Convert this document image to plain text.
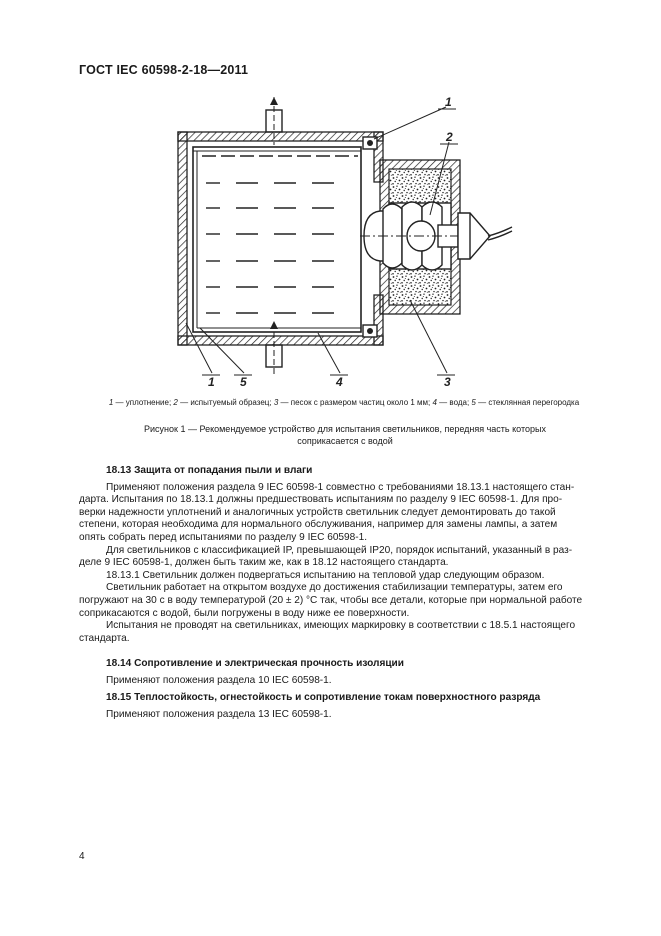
ГОСТ IEC 60598-2-18—2011
1
2
1 5	4	3
1 — уплотнение; 2 — испытуемый образец; 3 — песок с размером частиц около 1 мм; 4 — вода; 5 — стеклянная перегородка
Рисунок 1 — Рекомендуемое устройство для испытания светильников, передняя часть которых
соприкасается с водой
18.13 Защита от попадания пыли и влаги
Применяют положения раздела 9 IEC 60598-1 совместно с требованиями 18.13.1 настоящего стан-
дарта. Испытания по 18.13.1 должны предшествовать испытаниям по разделу 9 IEC 60598-1. Для про-
верки надежности уплотнений и аналогичных устройств светильник следует демонтировать до такой
степени, которая необходима для нормального обслуживания, например для замены лампы, а затем
опять собрать перед испытаниями по разделу 9 IEC 60598-1.
Для светильников с классификацией IP, превышающей IP20, порядок испытаний, указанный в раз-
деле 9 IEC 60598-1, должен быть таким же, как в 18.12 настоящего стандарта.
18.13.1 Светильник должен подвергаться испытанию на тепловой удар следующим образом.
Светильник работает на открытом воздухе до достижения стабилизации температуры, затем его
погружают на 30 с в воду температурой (20 ± 2) °С так, чтобы все детали, которые при нормальной работе
соприкасаются с водой, были погружены в воду ниже ее поверхности.
Испытания не проводят на светильниках, имеющих маркировку в соответствии с 18.5.1 настоящего
стандарта.
18.14 Сопротивление и электрическая прочность изоляции
Применяют положения раздела 10 IEC 60598-1.
18.15 Теплостойкость, огнестойкость и сопротивление токам поверхностного разряда
Применяют положения раздела 13 IEC 60598-1.
4
